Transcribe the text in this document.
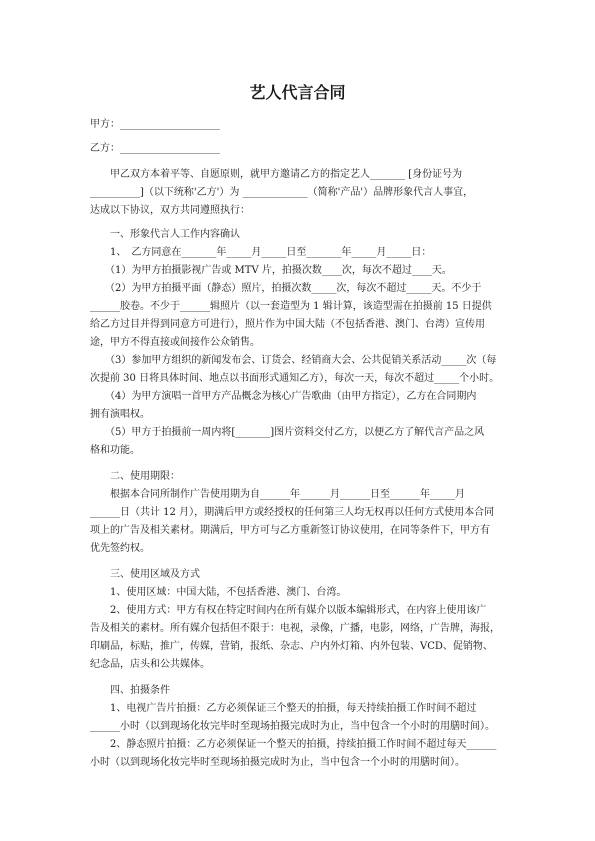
艺人代言合同
甲方：____________________
乙方：____________________
　　甲乙双方本着平等、自愿原则，就甲方邀请乙方的指定艺人_______ [身份证号为
__________]（以下统称'乙方'）为 _____________（简称'产品'）品牌形象代言人事宜，
达成以下协议，双方共同遵照执行：
　　一、形象代言人工作内容确认
　　1、　乙方同意在_______年_____月_____日至_______年_____月_____日：
　　（1）为甲方拍摄影视广告或 MTV 片，拍摄次数____次，每次不超过____天。
　　（2）为甲方拍摄平面（静态）照片，拍摄次数_____次，每次不超过_____天。不少于
______胶卷。不少于______辑照片（以一套造型为 1 辑计算，该造型需在拍摄前 15 日提供
给乙方过目并得到同意方可进行），照片作为中国大陆（不包括香港、澳门、台湾）宣传用
途，甲方不得直接或间接作公众销售。
　　（3）参加甲方组织的新闻发布会、订货会、经销商大会、公共促销关系活动_____次（每
次提前 30 日将具体时间、地点以书面形式通知乙方），每次一天，每次不超过_____个小时。
　　（4）为甲方演唱一首甲方产品概念为核心广告歌曲（由甲方指定），乙方在合同期内
拥有演唱权。
　　（5）甲方于拍摄前一周内将[_______]图片资料交付乙方，以便乙方了解代言产品之风
格和功能。
　　二、使用期限：
　　根据本合同所制作广告使用期为自______年______月______日至______年_____月
______日（共计 12 月），期满后甲方或经授权的任何第三人均无权再以任何方式使用本合同
项上的广告及相关素材。期满后，甲方可与乙方重新签订协议使用，在同等条件下，甲方有
优先签约权。
　　三、使用区域及方式
　　1、使用区域：中国大陆，不包括香港、澳门、台湾。
　　2、使用方式：甲方有权在特定时间内在所有媒介以版本编辑形式，在内容上使用该广
告及相关的素材。所有媒介包括但不限于：电视，录像，广播，电影，网络，广告牌，海报，
印刷品，标贴，推广，传媒，营销，报纸、杂志、户内外灯箱、内外包装、VCD、促销物、
纪念品，店头和公共媒体。
　　四、拍摄条件
　　1、电视广告片拍摄：乙方必须保证三个整天的拍摄，每天持续拍摄工作时间不超过
______小时（以到现场化妆完毕时至现场拍摄完成时为止，当中包含一个小时的用膳时间）。
　　2、静态照片拍摄：乙方必须保证一个整天的拍摄，持续拍摄工作时间不超过每天______
小时（以到现场化妆完毕时至现场拍摄完成时为止，当中包含一个小时的用膳时间）。
